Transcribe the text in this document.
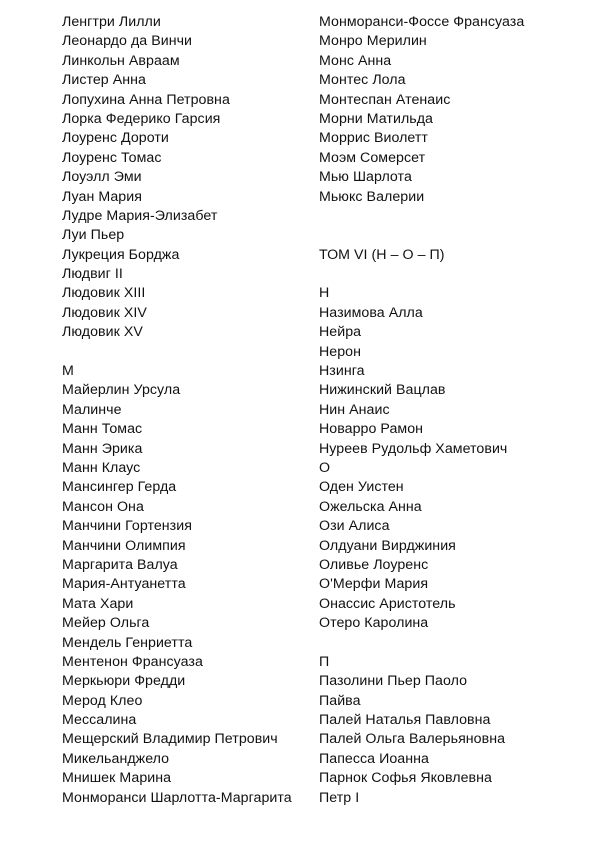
Ленгтри Лилли
Леонардо да Винчи
Линкольн Авраам
Листер Анна
Лопухина Анна Петровна
Лорка Федерико Гарсия
Лоуренс Дороти
Лоуренс Томас
Лоуэлл Эми
Луан Мария
Лудре Мария-Элизабет
Луи Пьер
Лукреция Борджа
Людвиг II
Людовик XIII
Людовик XIV
Людовик XV
М
Майерлин Урсула
Малинче
Манн Томас
Манн Эрика
Манн Клаус
Мансингер Герда
Мансон Она
Манчини Гортензия
Манчини Олимпия
Маргарита Валуа
Мария-Антуанетта
Мата Хари
Мейер Ольга
Мендель Генриетта
Ментенон Франсуаза
Меркьюри Фредди
Мерод Клео
Мессалина
Мещерский Владимир Петрович
Микельанджело
Мнишек Марина
Монморанси Шарлотта-Маргарита
Монморанси-Фоссе Франсуаза
Монро Мерилин
Монс Анна
Монтес Лола
Монтеспан Атенаис
Морни Матильда
Моррис Виолетт
Моэм Сомерсет
Мью Шарлота
Мьюкс Валерии
ТОМ VI (Н – О – П)
Н
Назимова Алла
Нейра
Нерон
Нзинга
Нижинский Вацлав
Нин Анаис
Новарро Рамон
Нуреев Рудольф Хаметович
О
Оден Уистен
Ожельска Анна
Ози Алиса
Олдуани Вирджиния
Оливье Лоуренс
О'Мерфи Мария
Онассис Аристотель
Отеро Каролина
П
Пазолини Пьер Паоло
Пайва
Палей Наталья Павловна
Палей Ольга Валерьяновна
Папесса Иоанна
Парнок Софья Яковлевна
Петр I
